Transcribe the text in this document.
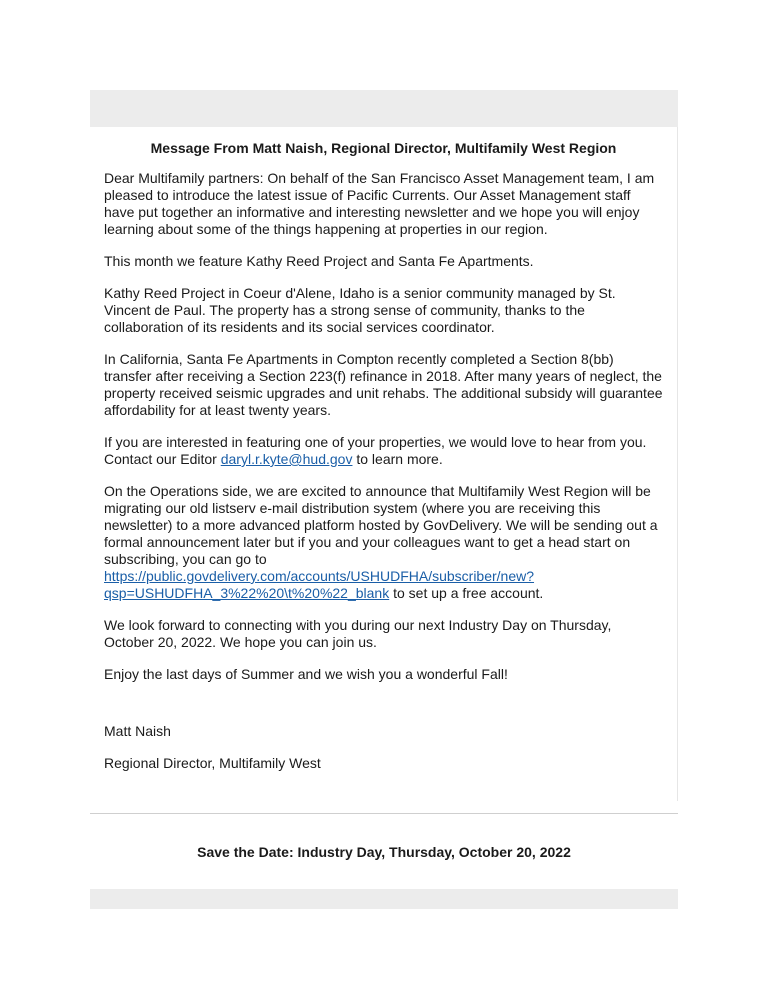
Message From Matt Naish, Regional Director, Multifamily West Region

Dear Multifamily partners: On behalf of the San Francisco Asset Management team, I am pleased to introduce the latest issue of Pacific Currents. Our Asset Management staff have put together an informative and interesting newsletter and we hope you will enjoy learning about some of the things happening at properties in our region.

This month we feature Kathy Reed Project and Santa Fe Apartments.

Kathy Reed Project in Coeur d'Alene, Idaho is a senior community managed by St. Vincent de Paul. The property has a strong sense of community, thanks to the collaboration of its residents and its social services coordinator.

In California, Santa Fe Apartments in Compton recently completed a Section 8(bb) transfer after receiving a Section 223(f) refinance in 2018. After many years of neglect, the property received seismic upgrades and unit rehabs. The additional subsidy will guarantee affordability for at least twenty years.

If you are interested in featuring one of your properties, we would love to hear from you. Contact our Editor daryl.r.kyte@hud.gov to learn more.

On the Operations side, we are excited to announce that Multifamily West Region will be migrating our old listserv e-mail distribution system (where you are receiving this newsletter) to a more advanced platform hosted by GovDelivery. We will be sending out a formal announcement later but if you and your colleagues want to get a head start on subscribing, you can go to https://public.govdelivery.com/accounts/USHUDFHA/subscriber/new?qsp=USHUDFHA_3%22%20\t%20%22_blank to set up a free account.

We look forward to connecting with you during our next Industry Day on Thursday, October 20, 2022. We hope you can join us.

Enjoy the last days of Summer and we wish you a wonderful Fall!

Matt Naish

Regional Director, Multifamily West

Save the Date: Industry Day, Thursday, October 20, 2022
